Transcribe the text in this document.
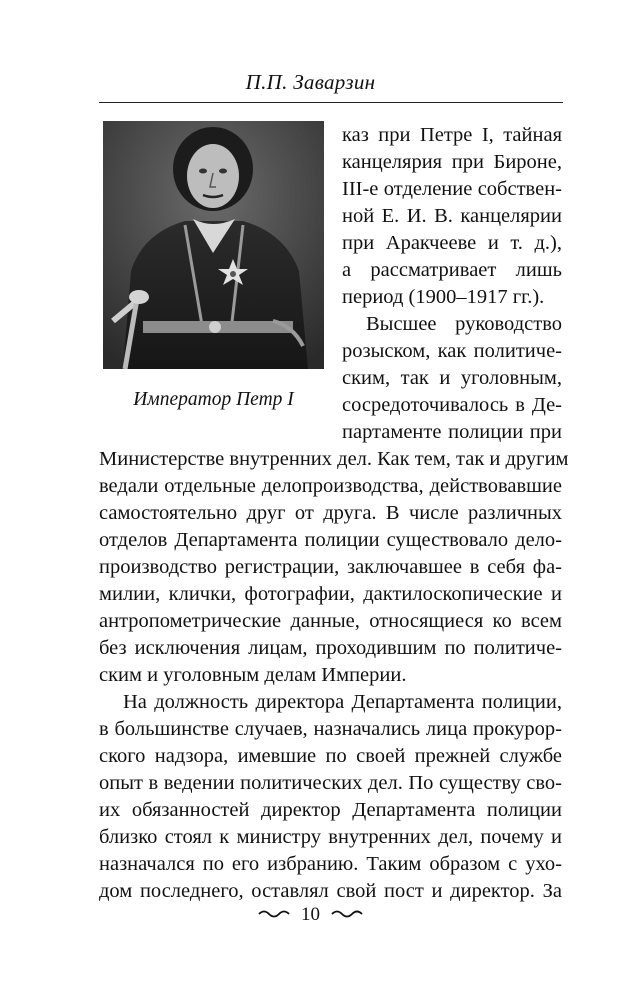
П.П. Заварзин
Император Петр I
каз при Петре I, тайная
канцелярия при Бироне,
III-е отделение собствен-
ной Е. И. В. канцелярии
при Аракчееве и т. д.),
а рассматривает лишь
период (1900–1917 гг.).
Высшее руководство
розыском, как политиче-
ским, так и уголовным,
сосредоточивалось в Де-
партаменте полиции при
Министерстве внутренних дел. Как тем, так и другим
ведали отдельные делопроизводства, действовавшие
самостоятельно друг от друга. В числе различных
отделов Департамента полиции существовало дело-
производство регистрации, заключавшее в себя фа-
милии, клички, фотографии, дактилоскопические и
антропометрические данные, относящиеся ко всем
без исключения лицам, проходившим по политиче-
ским и уголовным делам Империи.
На должность директора Департамента полиции,
в большинстве случаев, назначались лица прокурор-
ского надзора, имевшие по своей прежней службе
опыт в ведении политических дел. По существу сво-
их обязанностей директор Департамента полиции
близко стоял к министру внутренних дел, почему и
назначался по его избранию. Таким образом с ухо-
дом последнего, оставлял свой пост и директор. За
10
